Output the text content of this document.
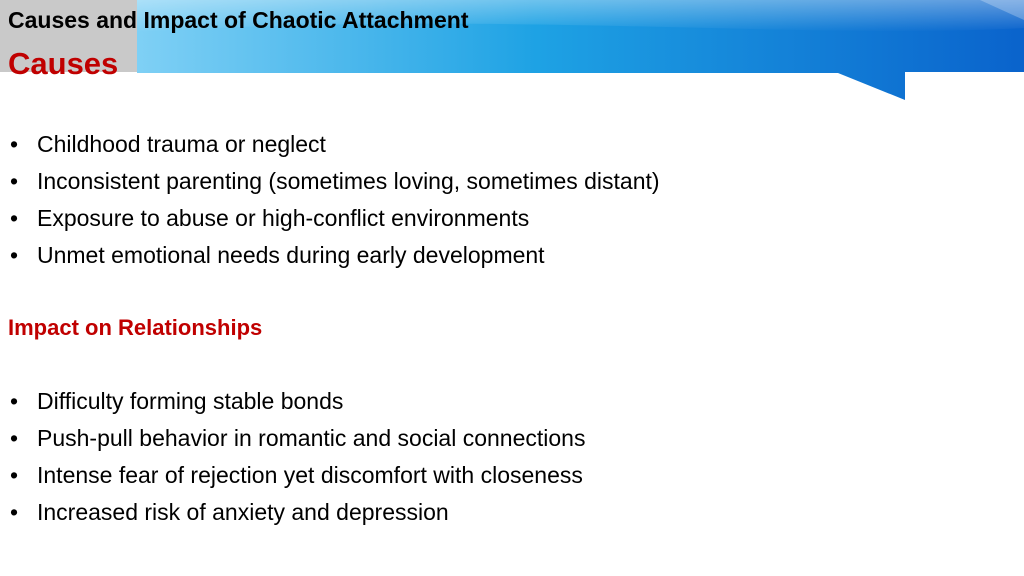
Causes and Impact of Chaotic Attachment
Causes
• Childhood trauma or neglect
• Inconsistent parenting (sometimes loving, sometimes distant)
• Exposure to abuse or high-conflict environments
• Unmet emotional needs during early development
Impact on Relationships
• Difficulty forming stable bonds
• Push-pull behavior in romantic and social connections
• Intense fear of rejection yet discomfort with closeness
• Increased risk of anxiety and depression
